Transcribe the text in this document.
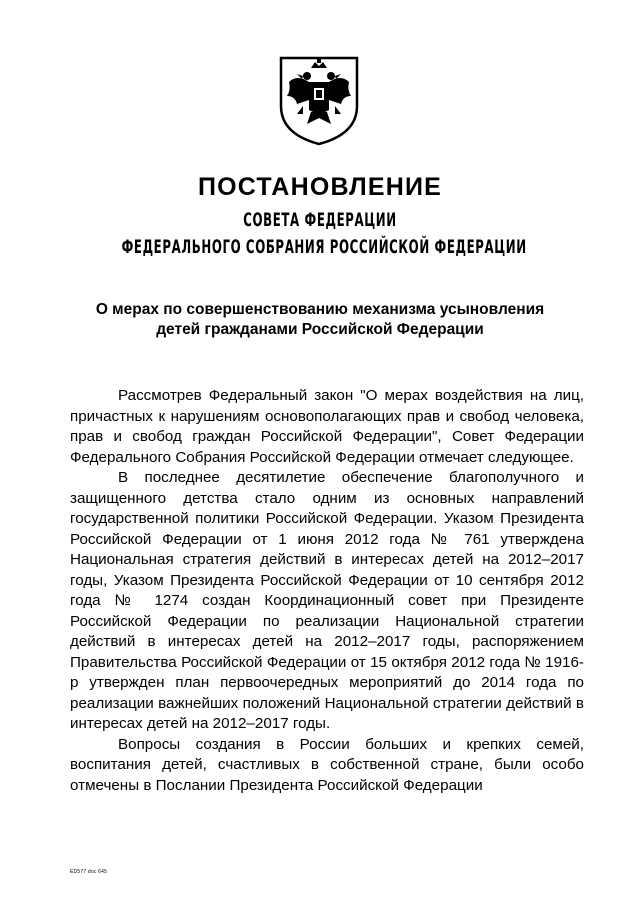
ПОСТАНОВЛЕНИЕ
СОВЕТА ФЕДЕРАЦИИ
ФЕДЕРАЛЬНОГО СОБРАНИЯ РОССИЙСКОЙ ФЕДЕРАЦИИ
О мерах по совершенствованию механизма усыновления
детей гражданами Российской Федерации

Рассмотрев Федеральный закон "О мерах воздействия на лиц, причастных к нарушениям основополагающих прав и свобод человека, прав и свобод граждан Российской Федерации", Совет Федерации Федерального Собрания Российской Федерации отмечает следующее.

В последнее десятилетие обеспечение благополучного и защищенного детства стало одним из основных направлений государственной политики Российской Федерации. Указом Президента Российской Федерации от 1 июня 2012 года № 761 утверждена Национальная стратегия действий в интересах детей на 2012–2017 годы, Указом Президента Российской Федерации от 10 сентября 2012 года № 1274 создан Координационный совет при Президенте Российской Федерации по реализации Национальной стратегии действий в интересах детей на 2012–2017 годы, распоряжением Правительства Российской Федерации от 15 октября 2012 года № 1916-р утвержден план первоочередных мероприятий до 2014 года по реализации важнейших положений Национальной стратегии действий в интересах детей на 2012–2017 годы.

Вопросы создания в России больших и крепких семей, воспитания детей, счастливых в собственной стране, были особо отмечены в Послании Президента Российской Федерации

ED577 doc 645
